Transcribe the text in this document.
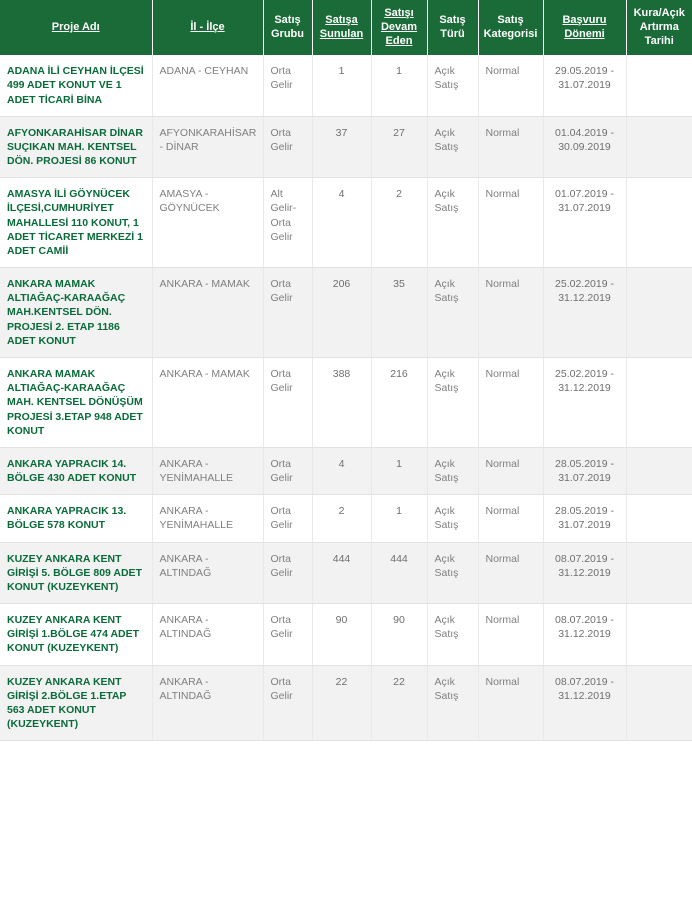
Proje Adı	İl - İlçe	Satış Grubu	Satışa Sunulan	Satışı Devam Eden	Satış Türü	Satış Kategorisi	Başvuru Dönemi	Kura/Açık Artırma Tarihi
ADANA İLİ CEYHAN İLÇESİ 499 ADET KONUT VE 1 ADET TİCARİ BİNA	ADANA - CEYHAN	Orta Gelir	1	1	Açık Satış	Normal	29.05.2019 - 31.07.2019	
AFYONKARAHİSAR DİNAR SUÇIKAN MAH. KENTSEL DÖN. PROJESİ 86 KONUT	AFYONKARAHİSAR - DİNAR	Orta Gelir	37	27	Açık Satış	Normal	01.04.2019 - 30.09.2019	
AMASYA İLİ GÖYNÜCEK İLÇESİ,CUMHURİYET MAHALLESİ 110 KONUT, 1 ADET TİCARET MERKEZİ 1 ADET CAMİİ	AMASYA - GÖYNÜCEK	Alt Gelir-Orta Gelir	4	2	Açık Satış	Normal	01.07.2019 - 31.07.2019	
ANKARA MAMAK ALTIAĞAÇ-KARAAĞAÇ MAH.KENTSEL DÖN. PROJESİ 2. ETAP 1186 ADET KONUT	ANKARA - MAMAK	Orta Gelir	206	35	Açık Satış	Normal	25.02.2019 - 31.12.2019	
ANKARA MAMAK ALTIAĞAÇ-KARAAĞAÇ MAH. KENTSEL DÖNÜŞÜM PROJESİ 3.ETAP 948 ADET KONUT	ANKARA - MAMAK	Orta Gelir	388	216	Açık Satış	Normal	25.02.2019 - 31.12.2019	
ANKARA YAPRACIK 14. BÖLGE 430 ADET KONUT	ANKARA - YENİMAHALLE	Orta Gelir	4	1	Açık Satış	Normal	28.05.2019 - 31.07.2019	
ANKARA YAPRACIK 13. BÖLGE 578 KONUT	ANKARA - YENİMAHALLE	Orta Gelir	2	1	Açık Satış	Normal	28.05.2019 - 31.07.2019	
KUZEY ANKARA KENT GİRİŞİ 5. BÖLGE 809 ADET KONUT (KUZEYKENT)	ANKARA - ALTINDAĞ	Orta Gelir	444	444	Açık Satış	Normal	08.07.2019 - 31.12.2019	
KUZEY ANKARA KENT GİRİŞİ 1.BÖLGE 474 ADET KONUT (KUZEYKENT)	ANKARA - ALTINDAĞ	Orta Gelir	90	90	Açık Satış	Normal	08.07.2019 - 31.12.2019	
KUZEY ANKARA KENT GİRİŞİ 2.BÖLGE 1.ETAP 563 ADET KONUT (KUZEYKENT)	ANKARA - ALTINDAĞ	Orta Gelir	22	22	Açık Satış	Normal	08.07.2019 - 31.12.2019	
